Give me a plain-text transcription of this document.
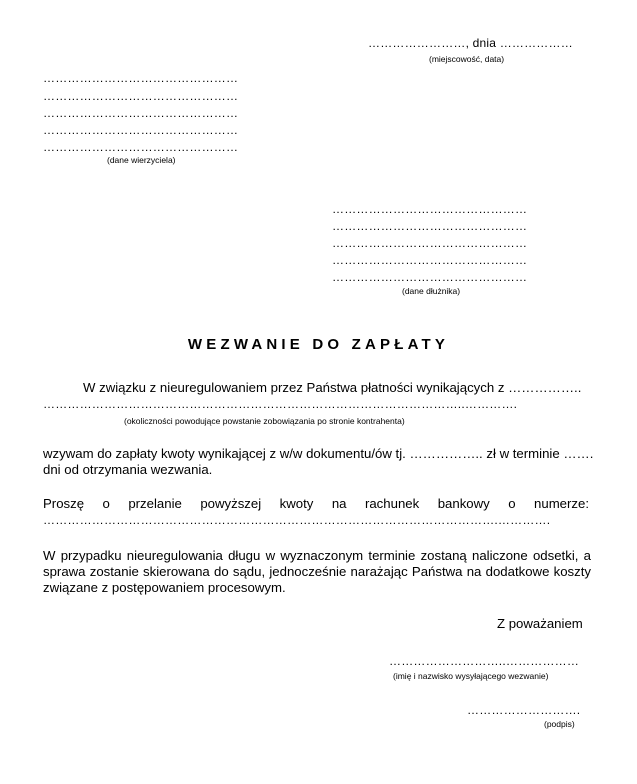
……………………, dnia ………………
(miejscowość, data)
…………………………………………
…………………………………………
…………………………………………
…………………………………………
…………………………………………
(dane wierzyciela)
…………………………………………
…………………………………………
…………………………………………
…………………………………………
…………………………………………
(dane dłużnika)
WEZWANIE DO ZAPŁATY
W związku z nieuregulowaniem przez Państwa płatności wynikających z ……………..
…………………………………………………………………………………………..………….
(okoliczności powodujące powstanie zobowiązania po stronie kontrahenta)
wzywam do zapłaty kwoty wynikającej z w/w dokumentu/ów tj. …………….. zł w terminie …….
dni od otrzymania wezwania.
Proszę o przelanie powyższej kwoty na rachunek bankowy o numerze:
………………………………………………………………………………………………….………….
W przypadku nieuregulowania długu w wyznaczonym terminie zostaną naliczone odsetki, a sprawa zostanie skierowana do sądu, jednocześnie narażając Państwa na dodatkowe koszty związane z postępowaniem procesowym.
Z poważaniem
………………………..………………
(imię i nazwisko wysyłającego wezwanie)
……………………….
(podpis)
